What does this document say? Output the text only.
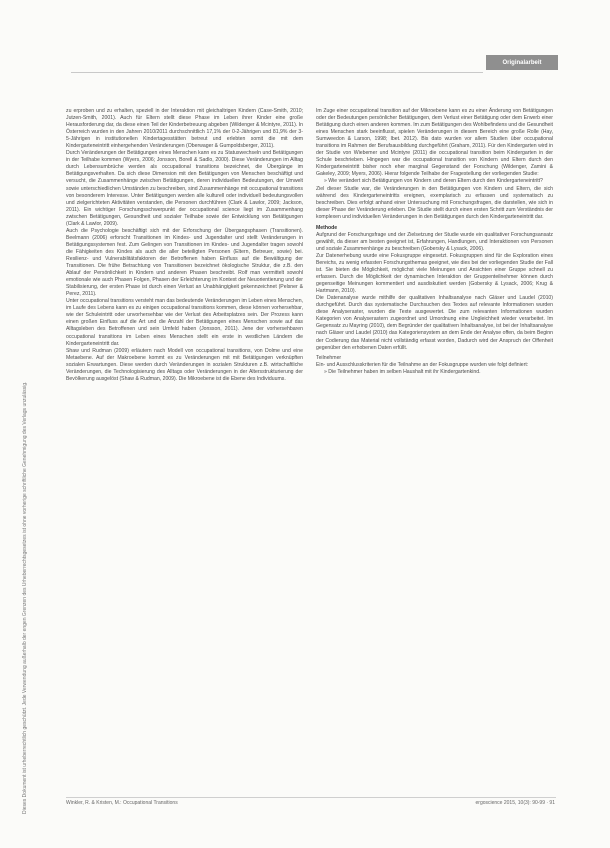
Originalarbeit
Dieses Dokument ist urheberrechtlich geschützt. Jede Verwendung außerhalb der engen Grenzen des Urheberrechtsgesetzes ist ohne vorherige schriftliche Genehmigung des Verlags unzulässig.

zu erproben und zu erhalten, speziell in der Interaktion mit gleichaltrigen Kindern (Case-Smith, 2010; Jutzen-Smith, 2001). Auch für Eltern stellt diese Phase im Leben ihrer Kinder eine große Herausforderung dar, da diese einen Teil der Kinderbetreuung abgeben (Wildenger & Mcintyre, 2011). In Österreich wurden in den Jahren 2010/2011 durchschnittlich 17,1% der 0-2-Jährigen und 81,9% der 3-5-Jährigen in institutionellen Kindertagesstätten betreut und erlebten somit die mit dem Kindergarteneintritt einhergehenden Veränderungen (Oberwager & Gumpoldsberger, 2011).

Durch Veränderungen der Betätigungen eines Menschen kann es zu Statuswechseln und Betätigungen in der Teilhabe kommen (Wyers, 2006; Jonsson, Borell & Sadlo, 2000). Diese Veränderungen im Alltag durch Lebensumbrüche werden als occupational transitions bezeichnet, die Übergänge im Betätigungsverhalten. Da sich diese Dimension mit den Betätigungen von Menschen beschäftigt und versucht, die Zusammenhänge zwischen Betätigungen, deren individuellen Bedeutungen, der Umwelt sowie unterschiedlichen Umständen zu beschreiben, sind Zusammenhänge mit occupational transitions von besonderem Interesse. Unter Betätigungen werden alle kulturell oder individuell bedeutungsvollen und zielgerichteten Aktivitäten verstanden, die Personen durchführen (Clark & Lawlor, 2009; Jackson, 2011). Ein wichtiger Forschungsschwerpunkt der occupational science liegt im Zusammenhang zwischen Betätigungen, Gesundheit und sozialer Teilhabe sowie der Entwicklung von Betätigungen (Clark & Lawlor, 2009).

Auch die Psychologie beschäftigt sich mit der Erforschung der Übergangsphasen (Transitionen). Beelmann (2006) erforscht Transitionen im Kindes- und Jugendalter und stellt Veränderungen in Betätigungssystemen fest. Zum Gelingen von Transitionen im Kindes- und Jugendalter tragen sowohl die Fähigkeiten des Kindes als auch die aller beteiligten Personen (Eltern, Betreuer, sowie) bei. Resilienz- und Vulnerabilitätsfaktoren der Betroffenen haben Einfluss auf die Bewältigung der Transitionen. Die frühe Betrachtung von Transitionen bezeichnet ökologische Struktur, die z.B. den Ablauf der Persönlichkeit in Kindern und anderen Phasen beschreibt. Rolf man vermittelt sowohl emotionale wie auch Phasen Folgen, Phasen der Erleichterung im Kontext der Neuorientierung und der Stabilisierung, der ersten Phase ist durch einen Verlust an Unabhängigkeit gekennzeichnet (Pelsner & Perez, 2011).

Unter occupational transitions versteht man das bedeutende Veränderungen im Leben eines Menschen, im Laufe des Lebens kann es zu einigen occupational transitions kommen, diese können vorhersehbar, wie der Schuleintritt oder unvorhersehbar wie der Verlust des Arbeitsplatzes sein. Der Prozess kann einen großen Einfluss auf die Art und die Anzahl der Betätigungen eines Menschen sowie auf das Alltagsleben des Betroffenen und sein Umfeld haben (Jonsson, 2011). Jene der vorhersehbaren occupational transitions im Leben eines Menschen stellt ein erste in westlichen Ländern die Kindergarteneintritt dar.

Shaw und Rudman (2009) erläutern nach Modell von occupational transitions, von Dolme und eine Metaebene. Auf der Makroebene kommt es zu Veränderungen mit mit Betätigungen verknüpften sozialen Erwartungen. Diese werden durch Veränderungen in sozialen Strukturen z.B. wirtschaftliche Veränderungen, die Technologisierung des Alltags oder Veränderungen in der Altersstrukturierung der Bevölkerung ausgelöst (Shaw & Rudman, 2009). Die Mikroebene ist die Ebene des Individuums.

Im Zuge einer occupational transition auf der Mikroebene kann es zu einer Änderung von Betätigungen oder der Bedeutungen persönlicher Betätigungen, dem Verlust einer Betätigung oder dem Erwerb einer Betätigung durch einen anderen kommen. Im zum Betätigungen des Wohlbefindens und die Gesundheit eines Menschen stark beeinflusst, spielen Veränderungen in diesem Bereich eine große Rolle (Hay, Sumweedon & Larson, 1998; Ibet. 2012). Bis dato wurden vor allem Studien über occupational transitions im Rahmen der Berufsausbildung durchgeführt (Graham, 2011). Für den Kindergarten wird in der Studie von Wiebemer und Mcintyre (2011) die occupational transition beim Kindergarten in der Schule beschrieben. Hingegen war die occupational transition von Kindern und Eltern durch den Kindergarteneintritt bisher noch eher marginal Gegenstand der Forschung (Wildenger, Zamini & Gakeley, 2009; Myers, 2006). Hierar folgende Teilhabe der Fragestellung der vorliegenden Studie:

» Wie verändert sich Betätigungen von Kindern und deren Eltern durch den Kindergarteneintritt?

Ziel dieser Studie war, die Veränderungen in den Betätigungen von Kindern und Eltern, die sich während des Kindergarteneintritts ereignen, exemplarisch zu erfassen und systematisch zu beschreiben. Dies erfolgt anhand einer Untersuchung mit Forschungsfragen, die darstellen, wie sich in dieser Phase der Veränderung erleben. Die Studie stellt durch einen ersten Schritt zum Verständnis der komplexen und individuellen Veränderungen in den Betätigungen durch den Kindergarteneintritt dar.

Methode

Aufgrund der Forschungsfrage und der Zielsetzung der Studie wurde ein qualitativer Forschungsansatz gewählt, da dieser am besten geeignet ist, Erfahrungen, Handlungen, und Interaktionen von Personen und soziale Zusammenhänge zu beschreiben (Gobersky & Lysack, 2006).

Zur Datenerhebung wurde eine Fokusgruppe eingesetzt. Fokusgruppen sind für die Exploration eines Bereichs, zu wenig erfassten Forschungsthemas geeignet, wie dies bei der vorliegenden Studie der Fall ist. Sie bieten die Möglichkeit, möglichst viele Meinungen und Ansichten einer Gruppe schnell zu erfassen. Durch die Möglichkeit der dynamischen Interaktion der Gruppenteilnehmer können durch gegenseitige Meinungen kommentiert und ausdiskutiert werden (Gobersky & Lysack, 2006; Krug & Hartmann, 2010).

Die Datenanalyse wurde mithilfe der qualitativen Inhaltsanalyse nach Gläser und Laudel (2010) durchgeführt. Durch das systematische Durchsuchen des Textes auf relevante Informationen wurden diese Analyseraster, wurden die Texte ausgewertet. Die zum relevanten Informationen wurden Kategorien von Analyserastern zugeordnet und Umordnung eine Ungleichheit wieder verarbeitet. Im Gegensatz zu Mayring (2010), dem Begründer der qualitativen Inhaltsanalyse, ist bei der Inhaltsanalyse nach Gläser und Laudel (2010) das Kategoriensystem an dem Ende der Analyse offen, da beim Beginn der Codierung das Material nicht vollständig erfasst worden, Dadurch wird der Anspruch der Offenheit gegenüber den erhobenen Daten erfüllt.

Teilnehmer

Ein- und Ausschlusskriterien für die Teilnahme an der Fokusgruppe wurden wie folgt definiert:

» Die Teilnehmer haben im selben Haushalt mit ihr Kindergartenkind.

Winkler, R. & Kristen, M.: Occupational Transitions	ergoscience 2015, 10(3): 90-99 · 91
